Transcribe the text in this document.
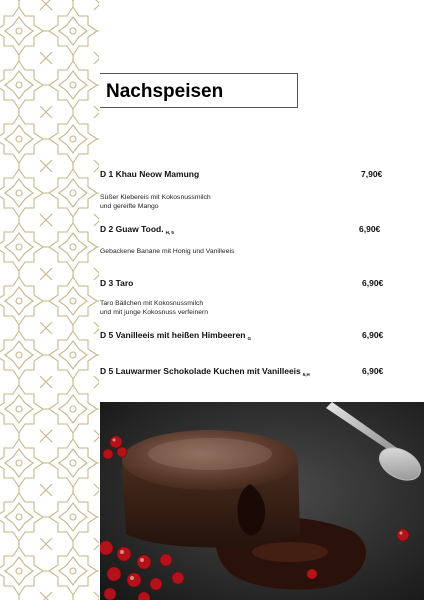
Nachspeisen
D 1 Khau Neow Mamung	7,90€
Süßer Klebereis mit Kokosnussmilch
und gereifte Mango
D 2 Guaw Tood. $_{H, 5}$	6,90€
Gebackene Banane mit Honig und Vanilleeis
D 3 Taro	6,90€
Taro Bällchen mit Kokosnussmilch
und mit junge Kokosnuss verfeinern
D 5 Vanilleeis mit heißen Himbeeren $_G$	6,90€
D 5 Lauwarmer Schokolade Kuchen mit Vanilleeis $_{5,H}$	6,90€
